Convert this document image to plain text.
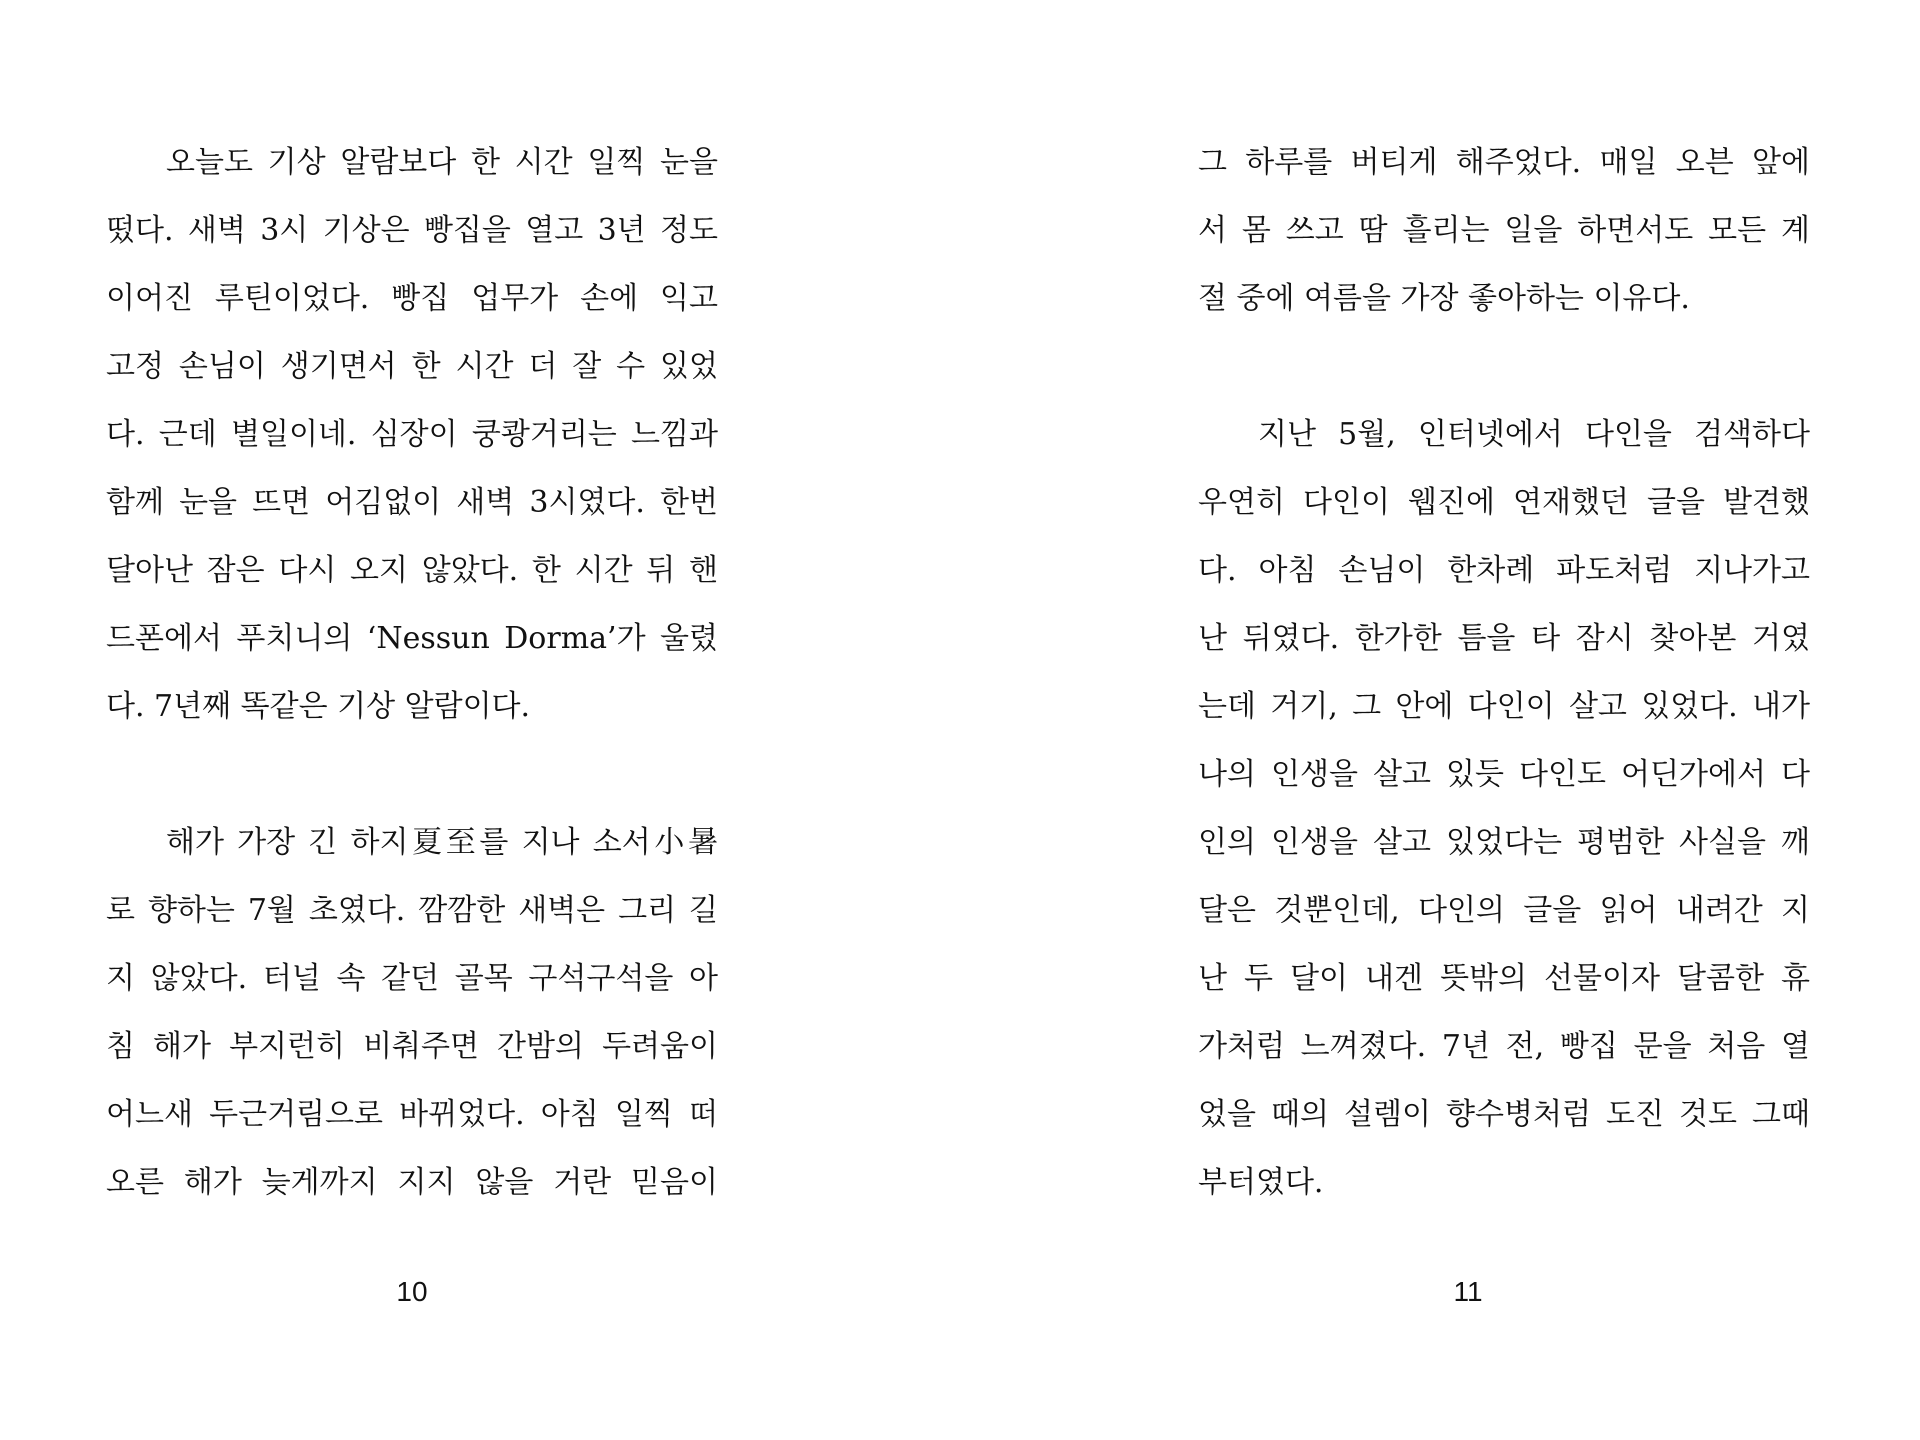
오늘도 기상 알람보다 한 시간 일찍 눈을
떴다. 새벽 3시 기상은 빵집을 열고 3년 정도
이어진 루틴이었다. 빵집 업무가 손에 익고
고정 손님이 생기면서 한 시간 더 잘 수 있었
다. 근데 별일이네. 심장이 쿵쾅거리는 느낌과
함께 눈을 뜨면 어김없이 새벽 3시였다. 한번
달아난 잠은 다시 오지 않았다. 한 시간 뒤 핸
드폰에서 푸치니의 ‘Nessun Dorma’가 울렸
다. 7년째 똑같은 기상 알람이다.
해가 가장 긴 하지夏至를 지나 소서小暑
로 향하는 7월 초였다. 깜깜한 새벽은 그리 길
지 않았다. 터널 속 같던 골목 구석구석을 아
침 해가 부지런히 비춰주면 간밤의 두려움이
어느새 두근거림으로 바뀌었다. 아침 일찍 떠
오른 해가 늦게까지 지지 않을 거란 믿음이
10
그 하루를 버티게 해주었다. 매일 오븐 앞에
서 몸 쓰고 땀 흘리는 일을 하면서도 모든 계
절 중에 여름을 가장 좋아하는 이유다.
지난 5월, 인터넷에서 다인을 검색하다
우연히 다인이 웹진에 연재했던 글을 발견했
다. 아침 손님이 한차례 파도처럼 지나가고
난 뒤였다. 한가한 틈을 타 잠시 찾아본 거였
는데 거기, 그 안에 다인이 살고 있었다. 내가
나의 인생을 살고 있듯 다인도 어딘가에서 다
인의 인생을 살고 있었다는 평범한 사실을 깨
달은 것뿐인데, 다인의 글을 읽어 내려간 지
난 두 달이 내겐 뜻밖의 선물이자 달콤한 휴
가처럼 느껴졌다. 7년 전, 빵집 문을 처음 열
었을 때의 설렘이 향수병처럼 도진 것도 그때
부터였다.
11
